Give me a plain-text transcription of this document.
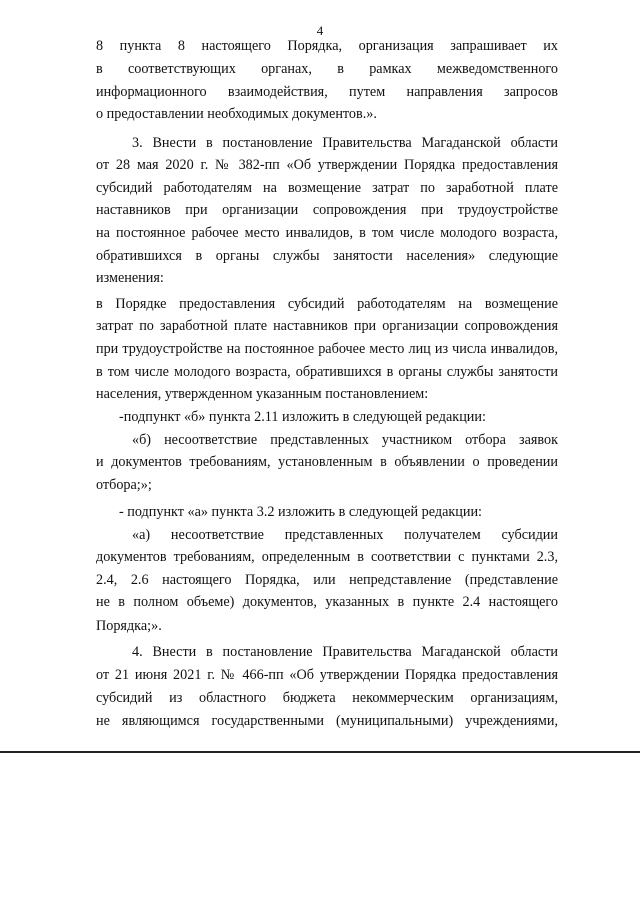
4
8 пункта 8 настоящего Порядка, организация запрашивает их
в соответствующих органах, в рамках межведомственного
информационного взаимодействия, путем направления запросов
о предоставлении необходимых документов.».
3. Внести в постановление Правительства Магаданской области
от 28 мая 2020 г. № 382-пп «Об утверждении Порядка предоставления
субсидий работодателям на возмещение затрат по заработной плате
наставников при организации сопровождения при трудоустройстве
на постоянное рабочее место инвалидов, в том числе молодого возраста,
обратившихся в органы службы занятости населения» следующие
изменения:
в Порядке предоставления субсидий работодателям на возмещение
затрат по заработной плате наставников при организации сопровождения
при трудоустройстве на постоянное рабочее место лиц из числа инвалидов,
в том числе молодого возраста, обратившихся в органы службы занятости
населения, утвержденном указанным постановлением:
-подпункт «б» пункта 2.11 изложить в следующей редакции:
«б) несоответствие представленных участником отбора заявок
и документов требованиям, установленным в объявлении о проведении
отбора;»;
- подпункт «а» пункта 3.2 изложить в следующей редакции:
«а) несоответствие представленных получателем субсидии
документов требованиям, определенным в соответствии с пунктами 2.3,
2.4, 2.6 настоящего Порядка, или непредставление (представление
не в полном объеме) документов, указанных в пункте 2.4 настоящего
Порядка;».
4. Внести в постановление Правительства Магаданской области
от 21 июня 2021 г. № 466-пп «Об утверждении Порядка предоставления
субсидий из областного бюджета некоммерческим организациям,
не являющимся государственными (муниципальными) учреждениями,
